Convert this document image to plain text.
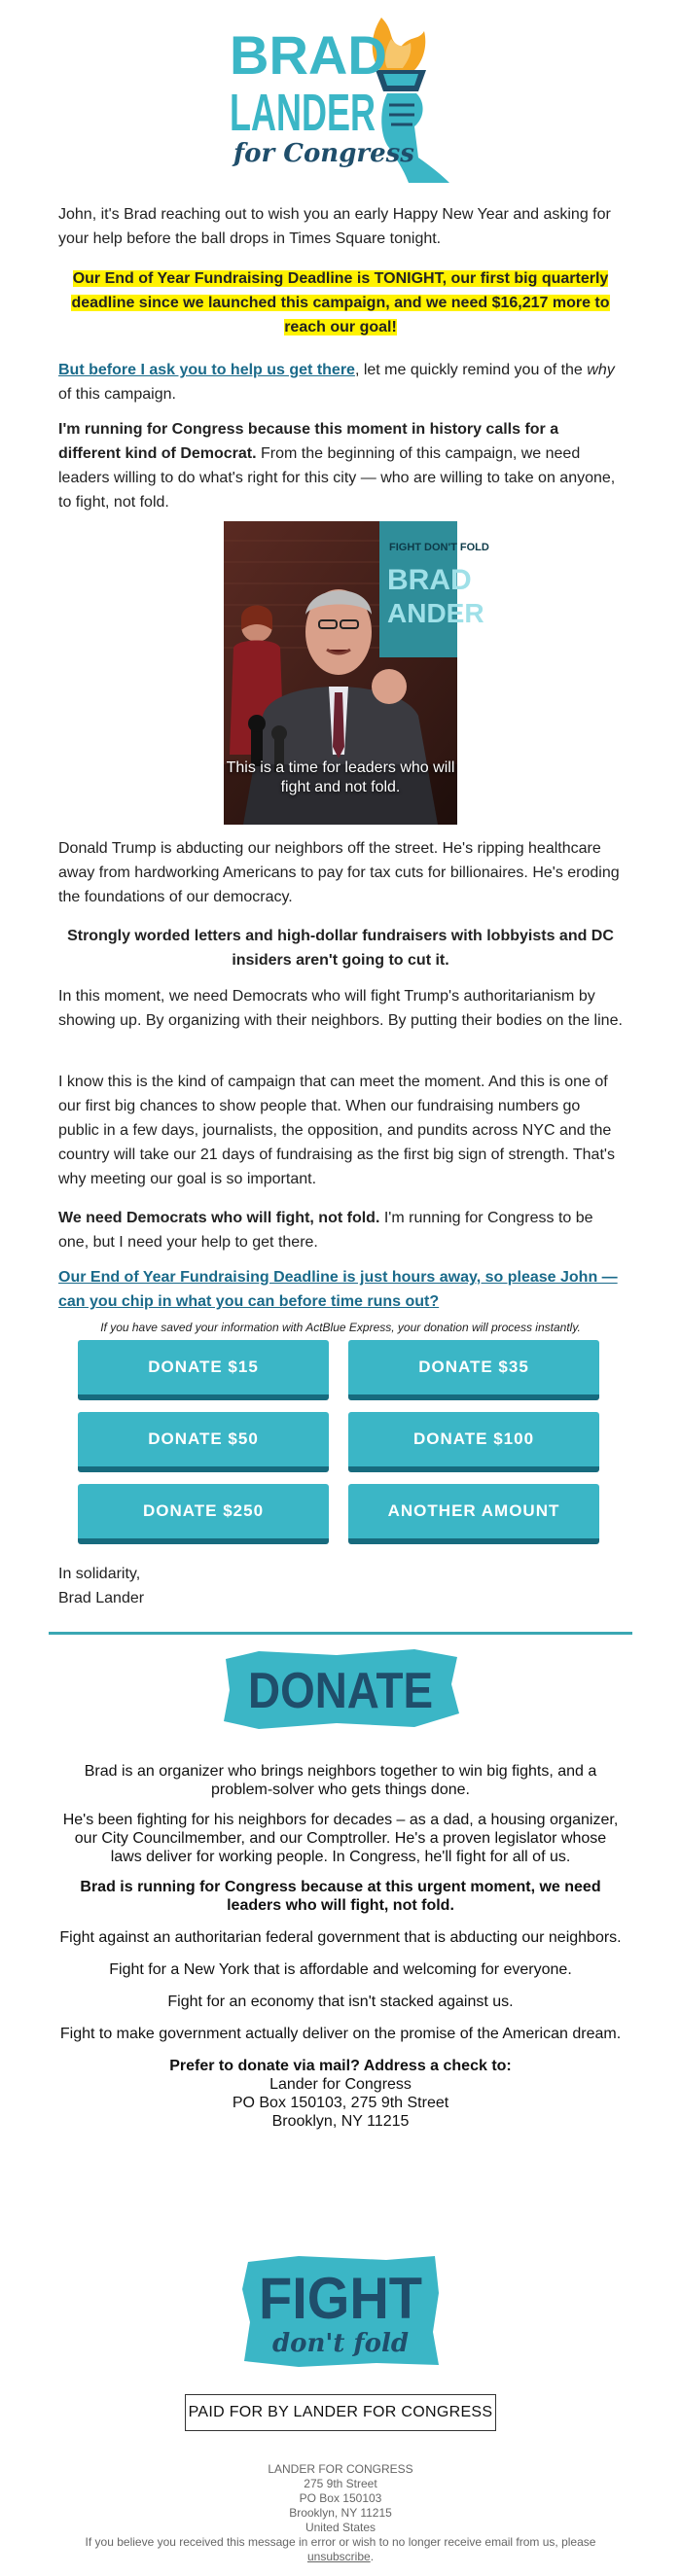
BRAD
LANDER
for Congress
John, it's Brad reaching out to wish you an early Happy New Year and asking for your help before the ball drops in Times Square tonight.
Our End of Year Fundraising Deadline is TONIGHT, our first big quarterly deadline since we launched this campaign, and we need $16,217 more to reach our goal!
But before I ask you to help us get there, let me quickly remind you of the why of this campaign.
I'm running for Congress because this moment in history calls for a different kind of Democrat. From the beginning of this campaign, we need leaders willing to do what's right for this city — who are willing to take on anyone, to fight, not fold.
FIGHT DON'T FOLD
BRAD
ANDER
This is a time for leaders who will fight and not fold.
Donald Trump is abducting our neighbors off the street. He's ripping healthcare away from hardworking Americans to pay for tax cuts for billionaires. He's eroding the foundations of our democracy.
Strongly worded letters and high-dollar fundraisers with lobbyists and DC insiders aren't going to cut it.
In this moment, we need Democrats who will fight Trump's authoritarianism by showing up. By organizing with their neighbors. By putting their bodies on the line.
I know this is the kind of campaign that can meet the moment. And this is one of our first big chances to show people that. When our fundraising numbers go public in a few days, journalists, the opposition, and pundits across NYC and the country will take our 21 days of fundraising as the first big sign of strength. That's why meeting our goal is so important.
We need Democrats who will fight, not fold. I'm running for Congress to be one, but I need your help to get there.
Our End of Year Fundraising Deadline is just hours away, so please John — can you chip in what you can before time runs out?
If you have saved your information with ActBlue Express, your donation will process instantly.
DONATE $15	DONATE $35
DONATE $50	DONATE $100
DONATE $250	ANOTHER AMOUNT
In solidarity,
Brad Lander
DONATE
Brad is an organizer who brings neighbors together to win big fights, and a problem-solver who gets things done.
He's been fighting for his neighbors for decades – as a dad, a housing organizer, our City Councilmember, and our Comptroller. He's a proven legislator whose laws deliver for working people. In Congress, he'll fight for all of us.
Brad is running for Congress because at this urgent moment, we need leaders who will fight, not fold.
Fight against an authoritarian federal government that is abducting our neighbors.
Fight for a New York that is affordable and welcoming for everyone.
Fight for an economy that isn't stacked against us.
Fight to make government actually deliver on the promise of the American dream.
Prefer to donate via mail? Address a check to:
Lander for Congress
PO Box 150103, 275 9th Street
Brooklyn, NY 11215
FIGHT
don't fold
PAID FOR BY LANDER FOR CONGRESS
LANDER FOR CONGRESS
275 9th Street
PO Box 150103
Brooklyn, NY 11215
United States
If you believe you received this message in error or wish to no longer receive email from us, please unsubscribe.
